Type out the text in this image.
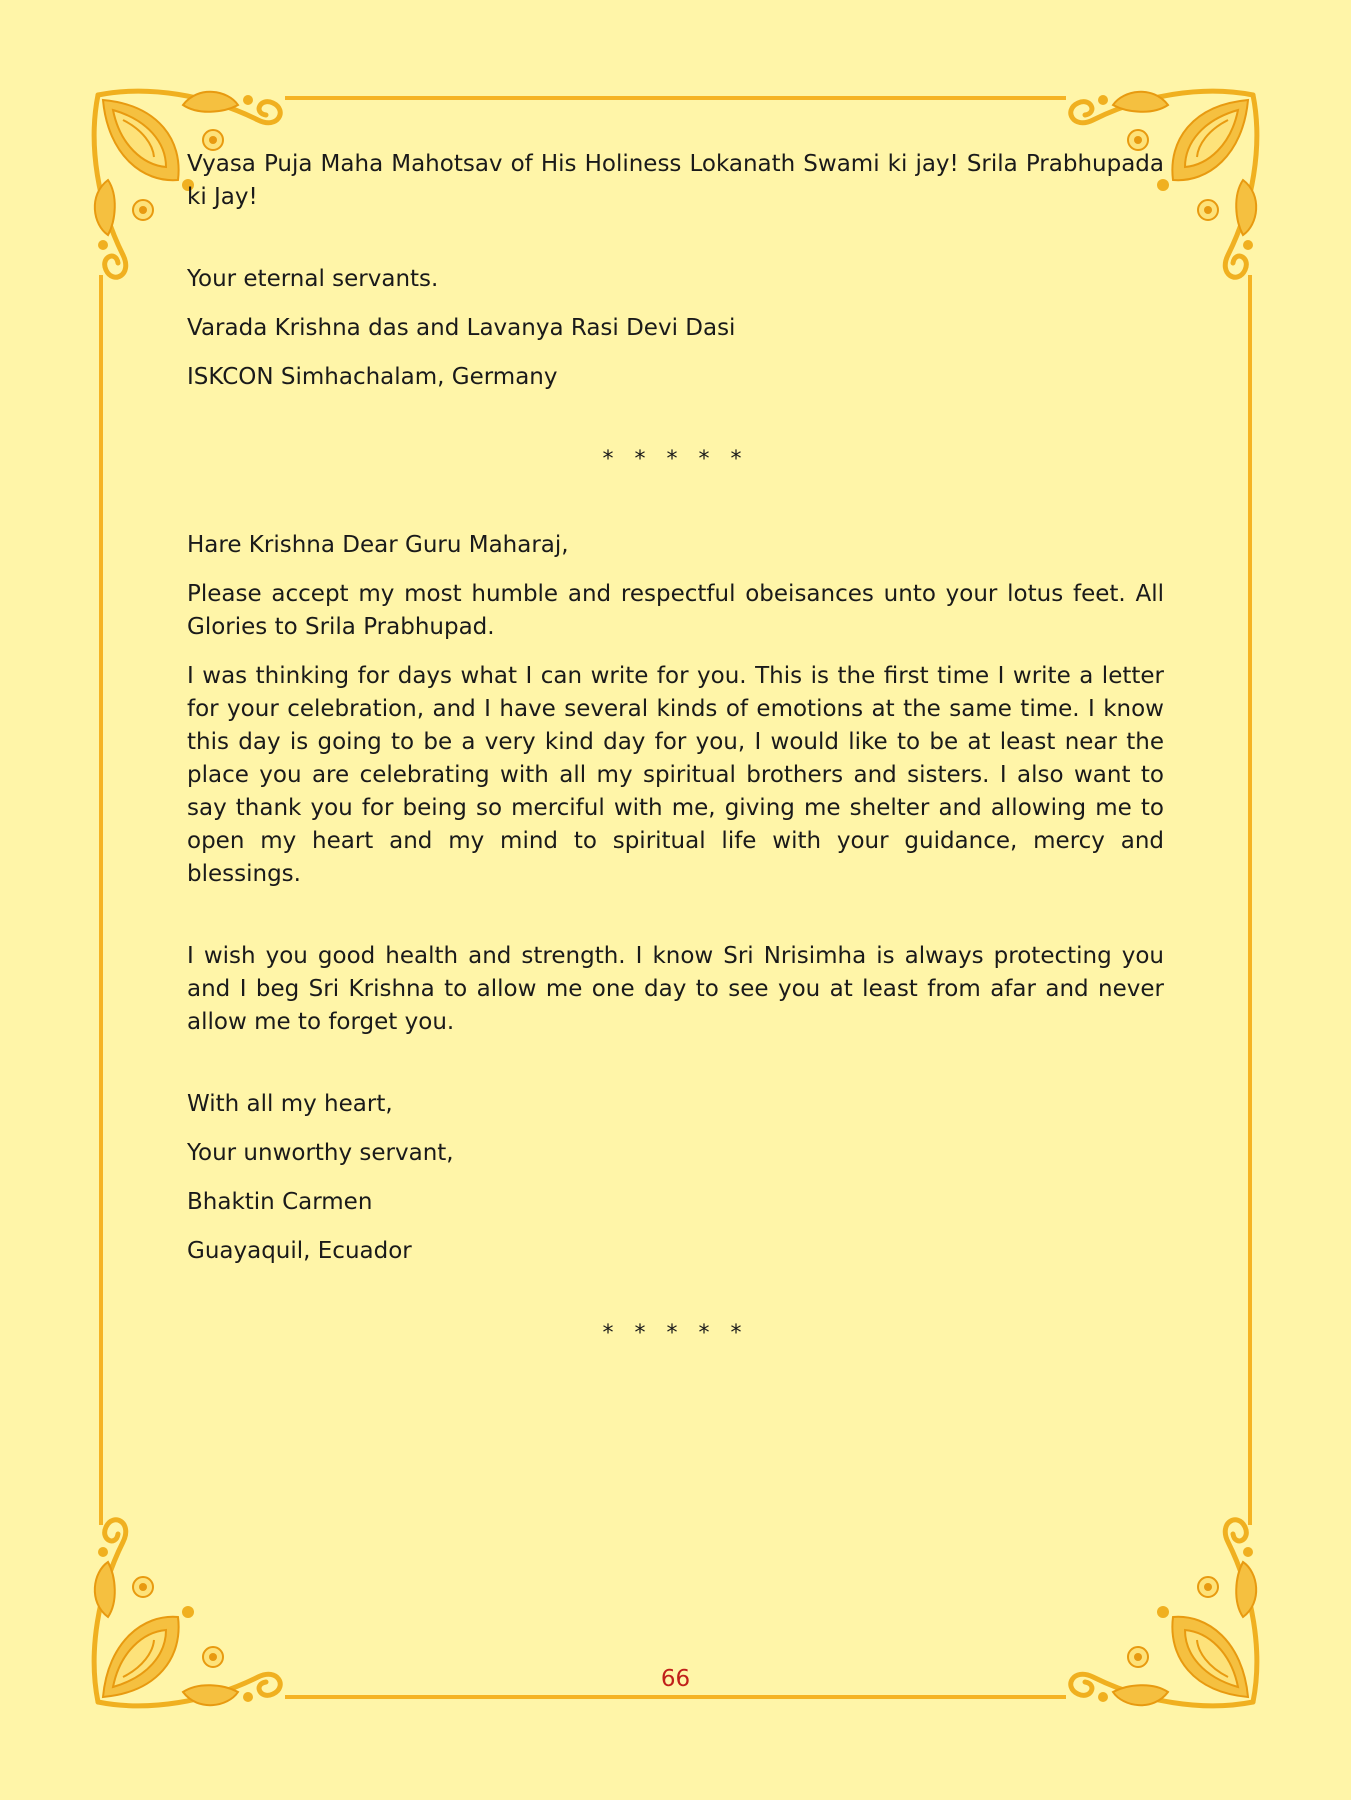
Vyasa Puja Maha Mahotsav of His Holiness Lokanath Swami ki jay! Srila Prabhupada ki Jay!

Your eternal servants.

Varada Krishna das and Lavanya Rasi Devi Dasi

ISKCON Simhachalam, Germany

* * * * *

Hare Krishna Dear Guru Maharaj,

Please accept my most humble and respectful obeisances unto your lotus feet. All Glories to Srila Prabhupad.

I was thinking for days what I can write for you. This is the first time I write a letter for your celebration, and I have several kinds of emotions at the same time. I know this day is going to be a very kind day for you, I would like to be at least near the place you are celebrating with all my spiritual brothers and sisters. I also want to say thank you for being so merciful with me, giving me shelter and allowing me to open my heart and my mind to spiritual life with your guidance, mercy and blessings.

I wish you good health and strength. I know Sri Nrisimha is always protecting you and I beg Sri Krishna to allow me one day to see you at least from afar and never allow me to forget you.

With all my heart,

Your unworthy servant,

Bhaktin Carmen

Guayaquil, Ecuador

* * * * *

66
